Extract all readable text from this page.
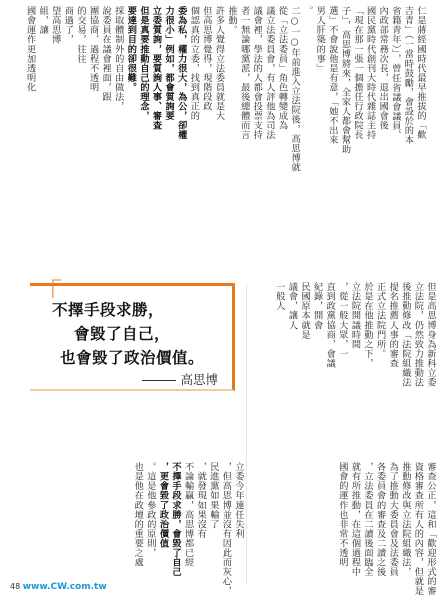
仁是蔣經國時代最早推拔的「歡
吉青」（一當時鼓勵，會設於的本
省籍青年）」，曾任省議會議員、
內政部常務次長，退出國會後
國民黨時代創刊大時代雜誌主持
「現在那一張一個擔任行政院長
子」，高思博將來，全家人都會幫助
選」不會說他是有意，「她不出來
男人肝築的事」
。
二○一○年前進入立法院後，高思博就
從「立法委員」角色轉變成為
議立法委員會，有人評他為司法
議會裡，學法的人都會投票支持
者一無論哪黨派，最後總體而言
推動。
許多人覺得立法委員就是大
但高思博覺得，現階段政
個認真的立委，找到真正的
委為私，權力很大，為公，卻權
力很小」例如，都會質詢要
立委質詢，要質詢人事、審查
但是真要推動自己的理念，
要達到目的卻很難。
採取體制外的自由做法，
說委員在議會裡面，跟
團協商，過程不透明
的交易，往往
商過了，
望高思博
組，讓
國會運作更加透明化
但是高思博身為新科立委
立法院，仍然致力推動法
後推動修改「法院組織法
提名推薦人事的審查
正式立法院門所。
於是在他推動之下，
立法院開議時間
，從一般大眾，一
直到政黨協商，會議
紀錄，開會
民國原本就是
議會，讓人
一般人
審查公正，這和「歡迎形式的審
資格審查所有人的內容，但就是
推動修改與立法院組織法，
為了推動大委員會及法委員
各委員會的審查及二讀之後
，立法委員在二讀後面臨全
就有所推動，在這個過程中
國會的運作也非常不透明
立委今年連任失利
，但高思博並沒有因此而灰心，
民進黨如果輸了
，就發現如果沒有
不論輸贏，高思博都已經
不擇手段求勝，會毀了自己
，更會毀了政治價值
。這是他參政的原則，
也是他在政壇的重要之處
「
不擇手段求勝，
會毀了自己，
也會毀了政治價值。
高思博
48 www.CW.com.tw
